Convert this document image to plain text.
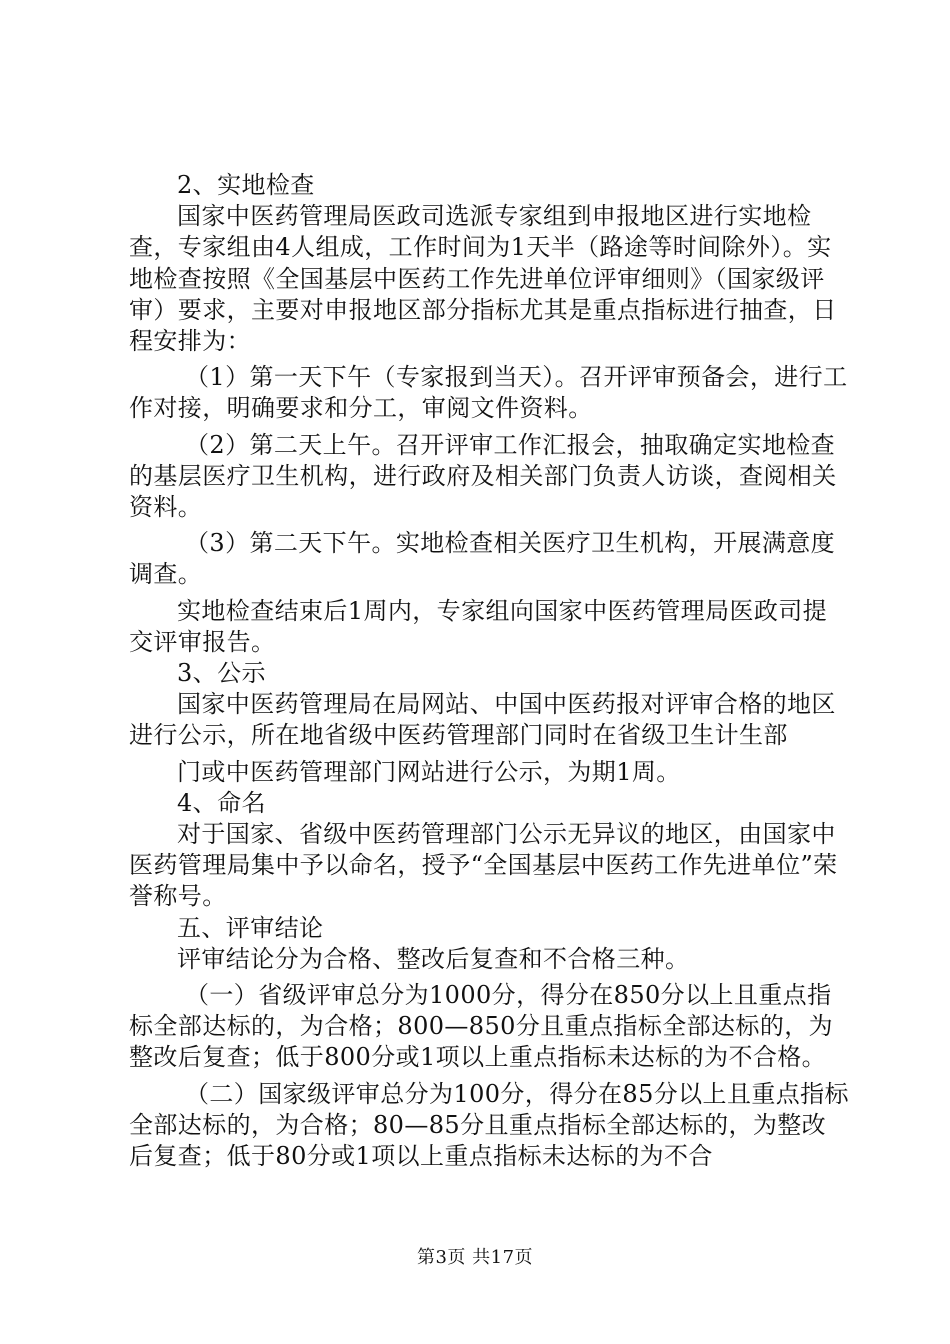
2、实地检查

国家中医药管理局医政司选派专家组到申报地区进行实地检查，专家组由4人组成，工作时间为1天半（路途等时间除外）。实地检查按照《全国基层中医药工作先进单位评审细则》（国家级评审）要求，主要对申报地区部分指标尤其是重点指标进行抽查，日程安排为：

（1）第一天下午（专家报到当天）。召开评审预备会，进行工作对接，明确要求和分工，审阅文件资料。

（2）第二天上午。召开评审工作汇报会，抽取确定实地检查的基层医疗卫生机构，进行政府及相关部门负责人访谈，查阅相关资料。

（3）第二天下午。实地检查相关医疗卫生机构，开展满意度调查。

实地检查结束后1周内，专家组向国家中医药管理局医政司提交评审报告。

3、公示

国家中医药管理局在局网站、中国中医药报对评审合格的地区进行公示，所在地省级中医药管理部门同时在省级卫生计生部

门或中医药管理部门网站进行公示，为期1周。

4、命名

对于国家、省级中医药管理部门公示无异议的地区，由国家中医药管理局集中予以命名，授予“全国基层中医药工作先进单位”荣誉称号。

五、评审结论

评审结论分为合格、整改后复查和不合格三种。

（一）省级评审总分为1000分，得分在850分以上且重点指标全部达标的，为合格；800—850分且重点指标全部达标的，为整改后复查；低于800分或1项以上重点指标未达标的为不合格。

（二）国家级评审总分为100分，得分在85分以上且重点指标全部达标的，为合格；80—85分且重点指标全部达标的，为整改后复查；低于80分或1项以上重点指标未达标的为不合

第3页 共17页
